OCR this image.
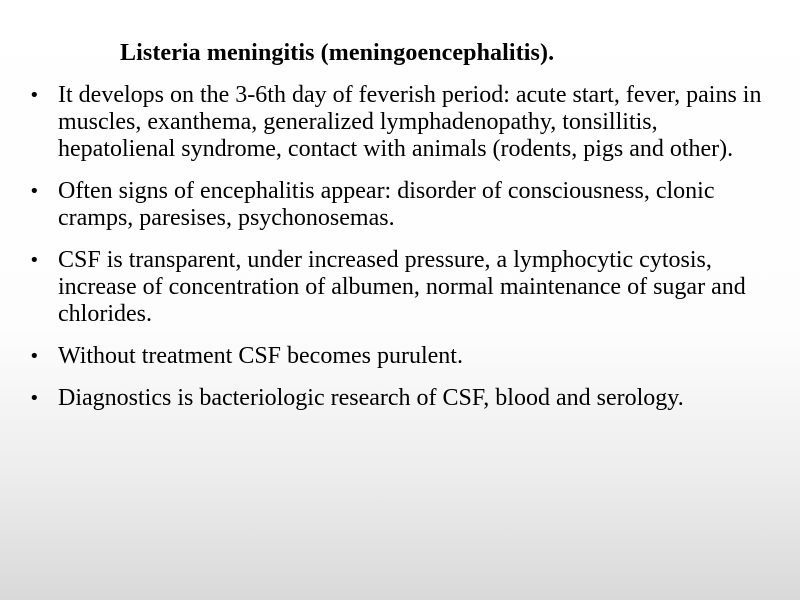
Listeria meningitis (meningoencephalitis).
• It develops on the 3-6th day of feverish period: acute start, fever, pains in muscles, exanthema, generalized lymphadenopathy, tonsillitis, hepatolienal syndrome, contact with animals (rodents, pigs and other).
• Often signs of encephalitis appear: disorder of consciousness, clonic cramps, paresises, psychonosemas.
• CSF is transparent, under increased pressure, a lymphocytic cytosis, increase of concentration of albumen, normal maintenance of sugar and chlorides.
• Without treatment CSF becomes purulent.
• Diagnostics is bacteriologic research of CSF, blood and serology.
